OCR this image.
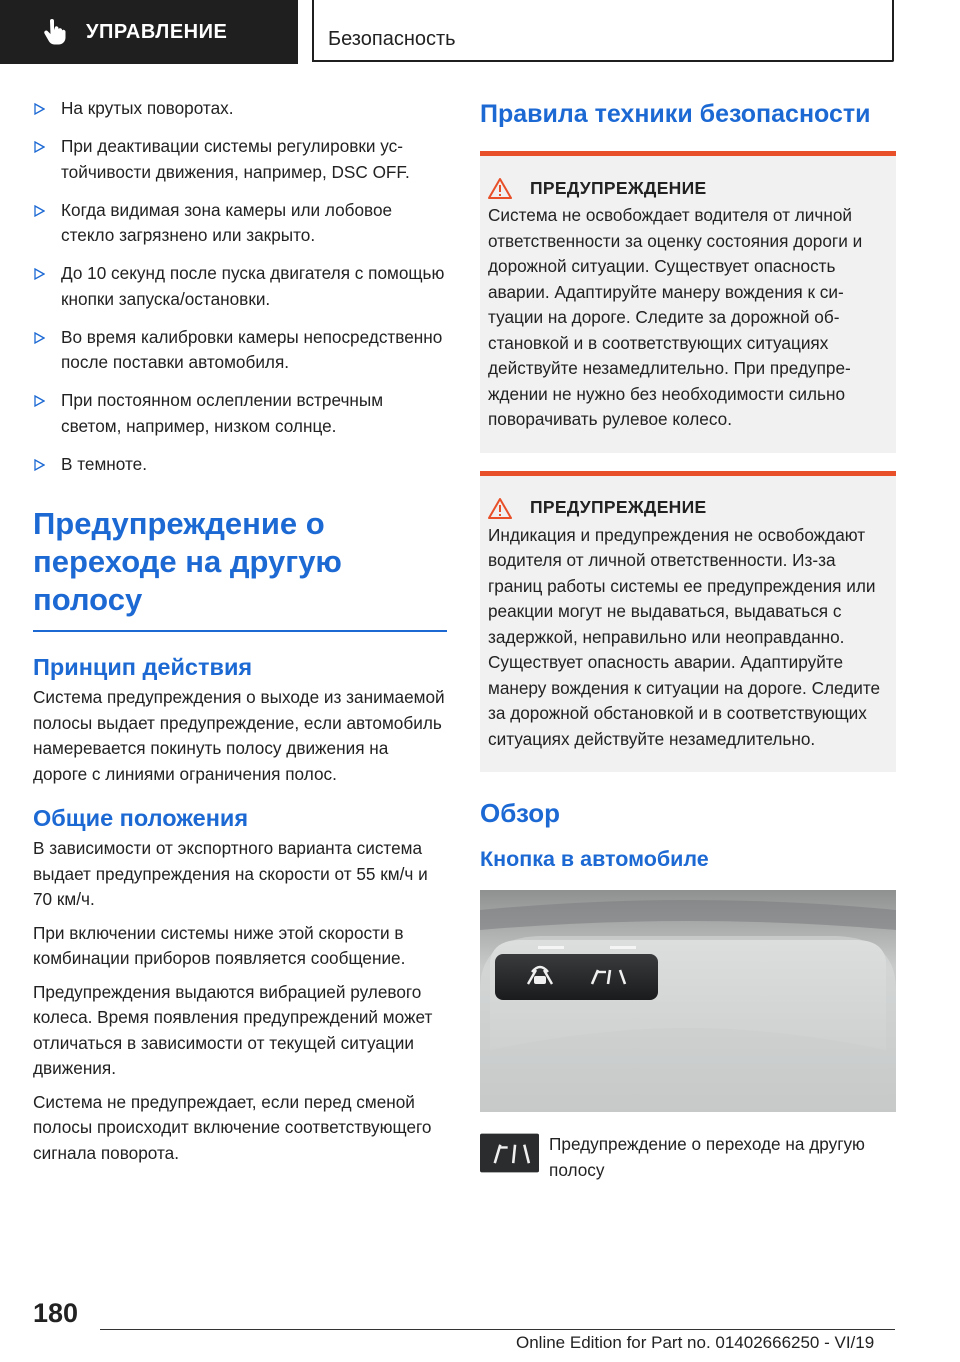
УПРАВЛЕНИЕ	Безопасность
На крутых поворотах.
При деактивации системы регулировки устойчивости движения, например, DSC OFF.
Когда видимая зона камеры или лобовое стекло загрязнено или закрыто.
До 10 секунд после пуска двигателя с помощью кнопки запуска/остановки.
Во время калибровки камеры непосредственно после поставки автомобиля.
При постоянном ослеплении встречным светом, например, низком солнце.
В темноте.
Предупреждение о переходе на другую полосу
Принцип действия

Система предупреждения о выходе из занимаемой полосы выдает предупреждение, если автомобиль намеревается покинуть полосу движения на дороге с линиями ограничения полос.

Общие положения

В зависимости от экспортного варианта система выдает предупреждения на скорости от 55 км/ч и 70 км/ч.

При включении системы ниже этой скорости в комбинации приборов появляется сообщение.

Предупреждения выдаются вибрацией рулевого колеса. Время появления предупреждений может отличаться в зависимости от текущей ситуации движения.

Система не предупреждает, если перед сменой полосы происходит включение соответствующего сигнала поворота.

Правила техники безопасности
ПРЕДУПРЕЖДЕНИЕ

Система не освобождает водителя от личной ответственности за оценку состояния дороги и дорожной ситуации. Существует опасность аварии. Адаптируйте манеру вождения к ситуации на дороге. Следите за дорожной обстановкой и в соответствующих ситуациях действуйте незамедлительно. При предупреждении не нужно без необходимости сильно поворачивать рулевое колесо.

ПРЕДУПРЕЖДЕНИЕ

Индикация и предупреждения не освобождают водителя от личной ответственности. Из-за границ работы системы ее предупреждения или реакции могут не выдаваться, выдаваться с задержкой, неправильно или неоправданно. Существует опасность аварии. Адаптируйте манеру вождения к ситуации на дороге. Следите за дорожной обстановкой и в соответствующих ситуациях действуйте незамедлительно.

Обзор
Кнопка в автомобиле
Предупреждение о переходе на другую полосу
180
Online Edition for Part no. 01402666250 - VI/19
